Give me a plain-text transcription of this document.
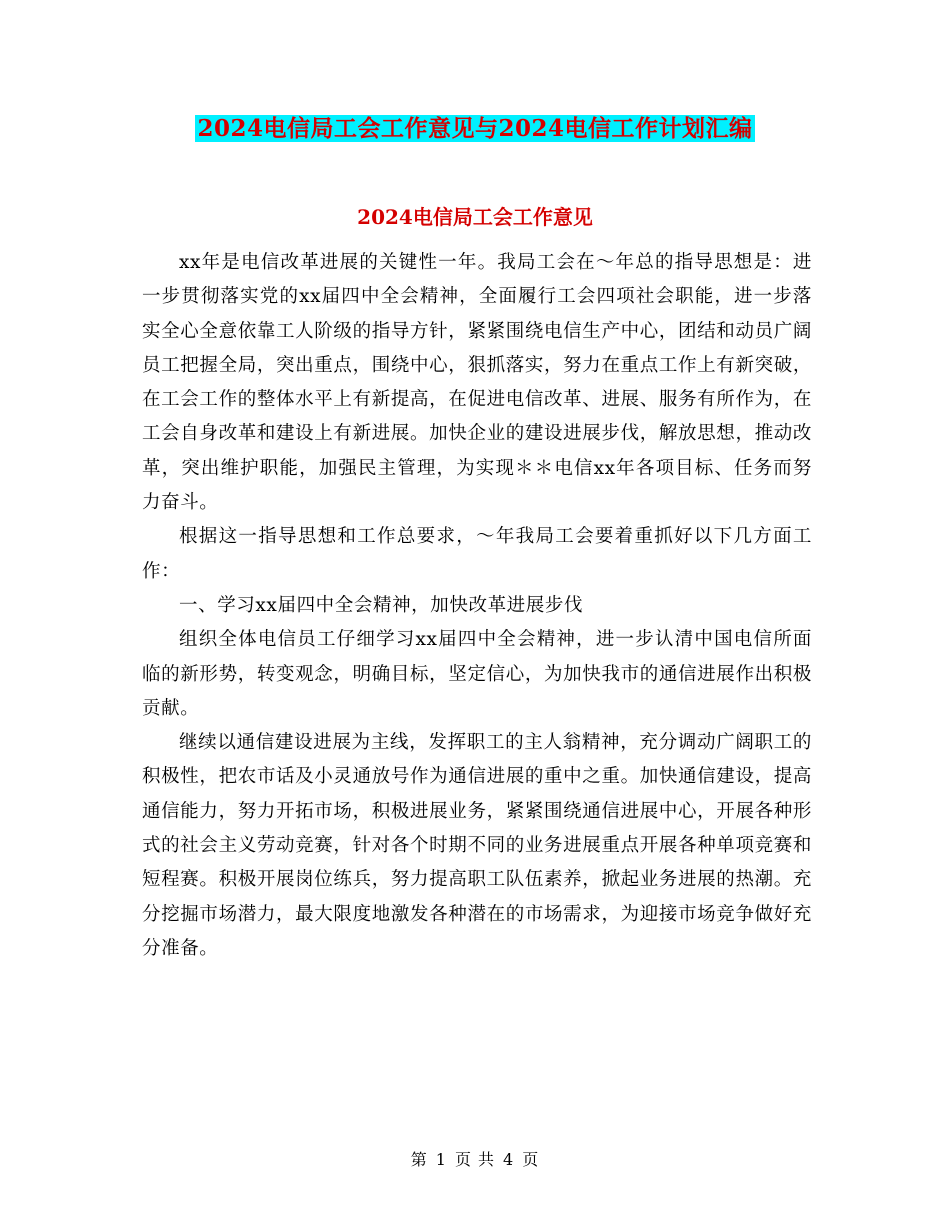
2024电信局工会工作意见与2024电信工作计划汇编
2024电信局工会工作意见

xx年是电信改革进展的关键性一年。我局工会在～年总的指导思想是：进一步贯彻落实党的xx届四中全会精神，全面履行工会四项社会职能，进一步落实全心全意依靠工人阶级的指导方针，紧紧围绕电信生产中心，团结和动员广阔员工把握全局，突出重点，围绕中心，狠抓落实，努力在重点工作上有新突破，在工会工作的整体水平上有新提高，在促进电信改革、进展、服务有所作为，在工会自身改革和建设上有新进展。加快企业的建设进展步伐，解放思想，推动改革，突出维护职能，加强民主管理，为实现＊＊电信xx年各项目标、任务而努力奋斗。

根据这一指导思想和工作总要求，～年我局工会要着重抓好以下几方面工作：

一、学习xx届四中全会精神，加快改革进展步伐

组织全体电信员工仔细学习xx届四中全会精神，进一步认清中国电信所面临的新形势，转变观念，明确目标，坚定信心，为加快我市的通信进展作出积极贡献。

继续以通信建设进展为主线，发挥职工的主人翁精神，充分调动广阔职工的积极性，把农市话及小灵通放号作为通信进展的重中之重。加快通信建设，提高通信能力，努力开拓市场，积极进展业务，紧紧围绕通信进展中心，开展各种形式的社会主义劳动竞赛，针对各个时期不同的业务进展重点开展各种单项竞赛和短程赛。积极开展岗位练兵，努力提高职工队伍素养，掀起业务进展的热潮。充分挖掘市场潜力，最大限度地激发各种潜在的市场需求，为迎接市场竞争做好充分准备。

第 1 页 共 4 页
